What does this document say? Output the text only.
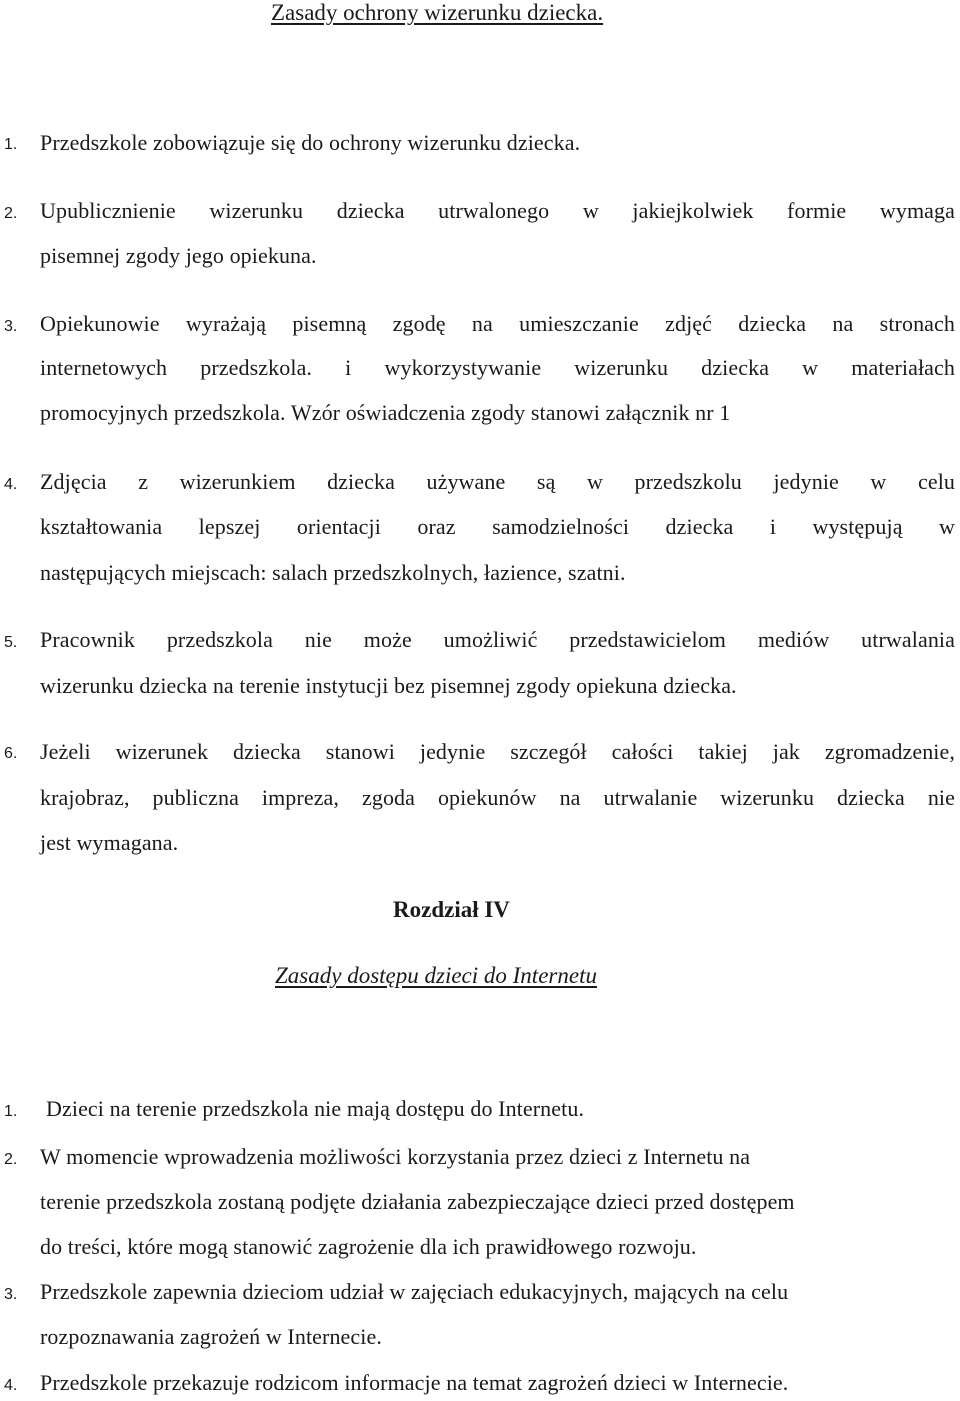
Zasady ochrony wizerunku dziecka.
1. Przedszkole zobowiązuje się do ochrony wizerunku dziecka.
2. Upublicznienie wizerunku dziecka utrwalonego w jakiejkolwiek formie wymaga
pisemnej zgody jego opiekuna.
3. Opiekunowie wyrażają pisemną zgodę na umieszczanie zdjęć dziecka na stronach
internetowych przedszkola. i wykorzystywanie wizerunku dziecka w materiałach
promocyjnych przedszkola. Wzór oświadczenia zgody stanowi załącznik nr 1
4. Zdjęcia z wizerunkiem dziecka używane są w przedszkolu jedynie w celu
kształtowania lepszej orientacji oraz samodzielności dziecka i występują w
następujących miejscach: salach przedszkolnych, łazience, szatni.
5. Pracownik przedszkola nie może umożliwić przedstawicielom mediów utrwalania
wizerunku dziecka na terenie instytucji bez pisemnej zgody opiekuna dziecka.
6. Jeżeli wizerunek dziecka stanowi jedynie szczegół całości takiej jak zgromadzenie,
krajobraz, publiczna impreza, zgoda opiekunów na utrwalanie wizerunku dziecka nie
jest wymagana.
Rozdział IV
Zasady dostępu dzieci do Internetu
1. Dzieci na terenie przedszkola nie mają dostępu do Internetu.
2. W momencie wprowadzenia możliwości korzystania przez dzieci z Internetu na
terenie przedszkola zostaną podjęte działania zabezpieczające dzieci przed dostępem
do treści, które mogą stanowić zagrożenie dla ich prawidłowego rozwoju.
3. Przedszkole zapewnia dzieciom udział w zajęciach edukacyjnych, mających na celu
rozpoznawania zagrożeń w Internecie.
4. Przedszkole przekazuje rodzicom informacje na temat zagrożeń dzieci w Internecie.
